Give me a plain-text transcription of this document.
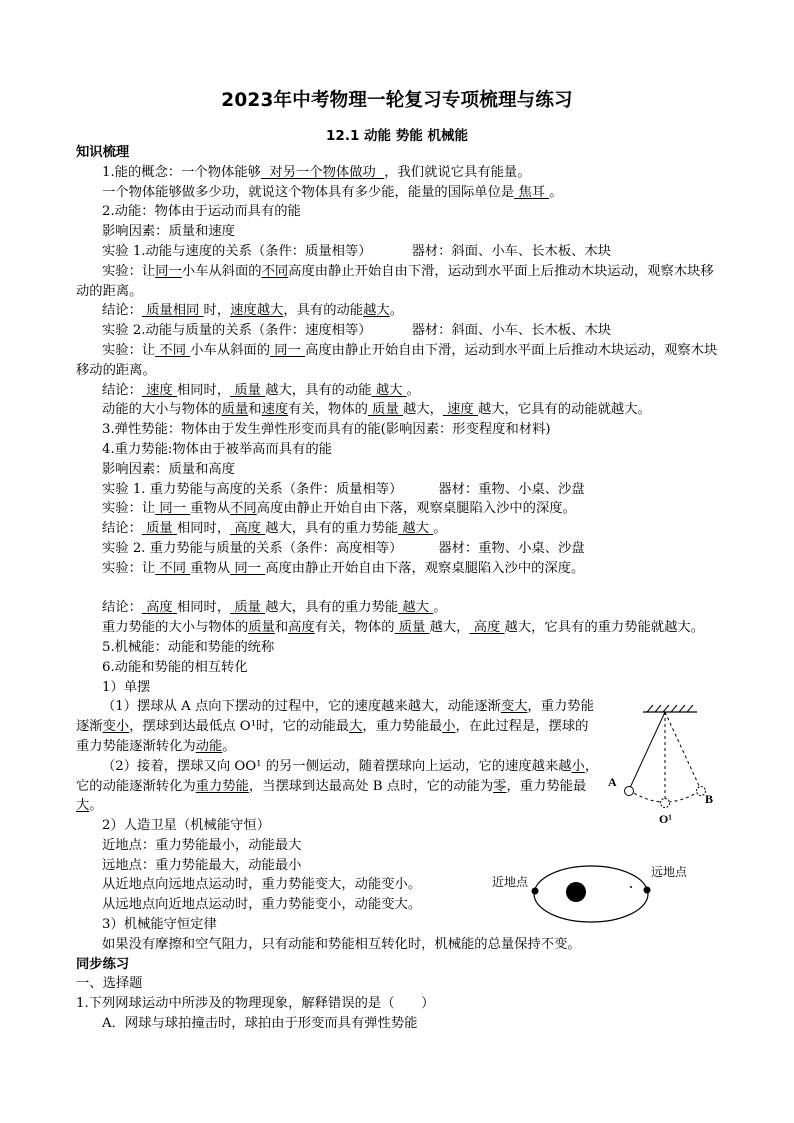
2023年中考物理一轮复习专项梳理与练习
12.1 动能 势能 机械能

知识梳理

1.能的概念：一个物体能够 对另一个物体做功 ，我们就说它具有能量。

一个物体能够做多少功，就说这个物体具有多少能，能量的国际单位是 焦耳 。

2.动能：物体由于运动而具有的能

影响因素：质量和速度

实验 1.动能与速度的关系（条件：质量相等）	器材：斜面、小车、长木板、木块

实验：让同一小车从斜面的不同高度由静止开始自由下滑，运动到水平面上后推动木块运动，观察木块移动的距离。

结论： 质量相同 时，速度越大，具有的动能越大。

实验 2.动能与质量的关系（条件：速度相等）	器材：斜面、小车、长木板、木块

实验：让 不同 小车从斜面的 同一 高度由静止开始自由下滑，运动到水平面上后推动木块运动，观察木块移动的距离。

结论： 速度 相同时， 质量 越大，具有的动能 越大 。

动能的大小与物体的质量和速度有关，物体的 质量 越大， 速度 越大，它具有的动能就越大。

3.弹性势能：物体由于发生弹性形变而具有的能(影响因素：形变程度和材料)

4.重力势能:物体由于被举高而具有的能

影响因素：质量和高度

实验 1. 重力势能与高度的关系（条件：质量相等）	器材：重物、小桌、沙盘

实验：让 同一 重物从不同高度由静止开始自由下落，观察桌腿陷入沙中的深度。

结论： 质量 相同时， 高度 越大，具有的重力势能 越大 。

实验 2. 重力势能与质量的关系（条件：高度相等）	器材：重物、小桌、沙盘

实验：让 不同 重物从 同一 高度由静止开始自由下落，观察桌腿陷入沙中的深度。

结论： 高度 相同时， 质量 越大，具有的重力势能 越大 。

重力势能的大小与物体的质量和高度有关，物体的 质量 越大， 高度 越大，它具有的重力势能就越大。

5.机械能：动能和势能的统称

6.动能和势能的相互转化

1）单摆

（1）摆球从 A 点向下摆动的过程中，它的速度越来越大，动能逐渐变大，重力势能逐渐变小，摆球到达最低点 O¹时，它的动能最大，重力势能最小，在此过程是，摆球的重力势能逐渐转化为动能。

（2）接着，摆球又向 OO¹ 的另一侧运动，随着摆球向上运动，它的速度越来越小，它的动能逐渐转化为重力势能，当摆球到达最高处 B 点时，它的动能为零，重力势能最大。

2）人造卫星（机械能守恒）

近地点：重力势能最小，动能最大

远地点：重力势能最大，动能最小

从近地点向远地点运动时，重力势能变大，动能变小。

从远地点向近地点运动时，重力势能变小，动能变大。

3）机械能守恒定律

如果没有摩擦和空气阻力，只有动能和势能相互转化时，机械能的总量保持不变。

同步练习

一、选择题

1.下列网球运动中所涉及的物理现象，解释错误的是（　　）

A．网球与球拍撞击时，球拍由于形变而具有弹性势能

A
B
O¹
近地点
远地点
